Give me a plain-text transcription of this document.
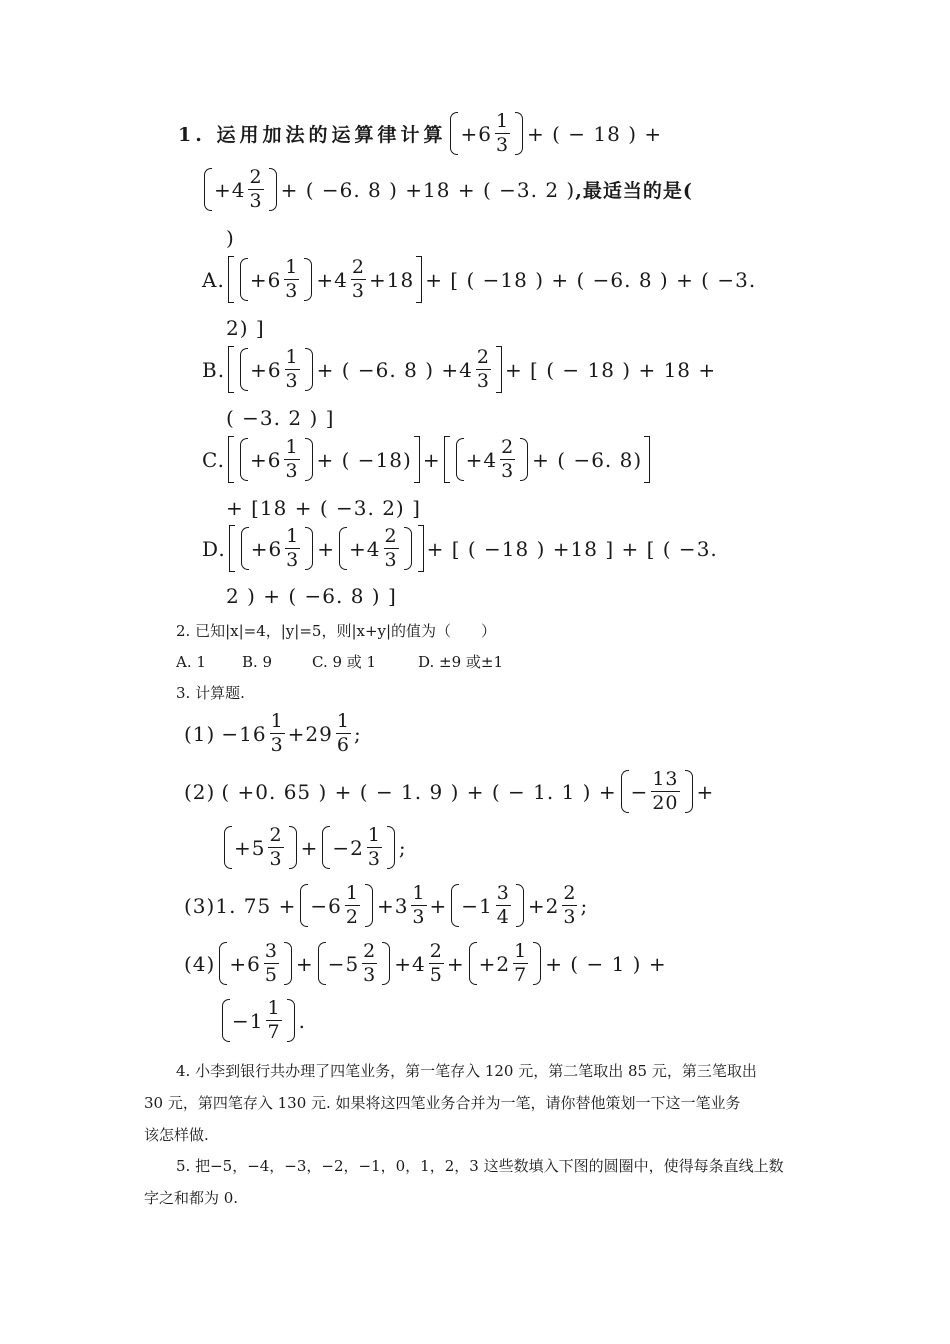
1. 运用加法的运算律计算 $+6 \frac{1}{3}$ + ( − 18 ) +
$+4 \frac{2}{3}$ + ( −6. 8 ) +18 + ( −3. 2 ) ,最适当的是(
)
A.	$+6 \frac{1}{3} +4 \frac{2}{3} +18$ + [ ( −18 ) + ( −6. 8 ) + ( −3.
2) ]
B.	$+6 \frac{1}{3}$ + ( −6. 8 ) $+4 \frac{2}{3}$ + [ ( − 18 ) + 18 +
( −3. 2 ) ]
C.	$+6 \frac{1}{3}$ + ( −18) +	$+4 \frac{2}{3}$ + ( −6. 8)
+ [18 + ( −3. 2) ]
D.	$+6 \frac{1}{3} + +4 \frac{2}{3}$ + [ ( −18 ) +18 ] + [ ( −3.
2 ) + ( −6. 8 ) ]
2. 已知|x|=4，|y|=5，则|x+y|的值为（　　）
A. 1	B. 9	C. 9 或 1	D. ±9 或±1
3. 计算题.
$(1) -16 \frac{1}{3} +29 \frac{1}{6}$ ;
(2) ( +0. 65 ) + ( − 1. 9 ) + ( − 1. 1 ) + − $\frac{13}{20}$ +
$+5 \frac{2}{3} + -2 \frac{1}{3}$ ;
(3) 1. $75 + -6 \frac{1}{2} +3 \frac{1}{3} + -1 \frac{3}{4} +2 \frac{2}{3}$ ;
$(4) +6 \frac{3}{5} + -5 \frac{2}{3} +4 \frac{2}{5} + +2 \frac{1}{7}$ + ( − 1 ) +
$-1 \frac{1}{7}$ .
4. 小李到银行共办理了四笔业务，第一笔存入 120 元，第二笔取出 85 元，第三笔取出
30 元，第四笔存入 130 元. 如果将这四笔业务合并为一笔，请你替他策划一下这一笔业务
该怎样做.
5. 把−5，−4，−3，−2，−1，0，1，2，3 这些数填入下图的圆圈中，使得每条直线上数
字之和都为 0.
